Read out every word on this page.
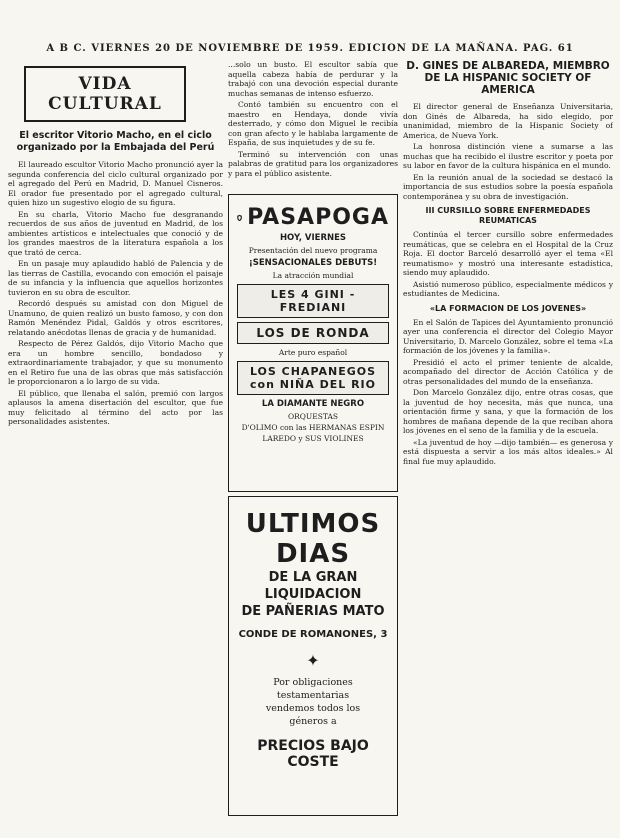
A B C. VIERNES 20 DE NOVIEMBRE DE 1959. EDICION DE LA MAÑANA. PAG. 61
VIDA CULTURAL
El escritor Vitorio Macho, en el ciclo organizado por la Embajada del Perú

El laureado escultor Vitorio Macho pronunció ayer la segunda conferencia del ciclo cultural organizado por el agregado del Perú en Madrid, D. Manuel Cisneros. El orador fue presentado por el agregado cultural, quien hizo un sugestivo elogio de su figura.

En su charla, Vitorio Macho fue desgranando recuerdos de sus años de juventud en Madrid, de los ambientes artísticos e intelectuales que conoció y de los grandes maestros de la literatura española a los que trató de cerca.

En un pasaje muy aplaudido habló de Palencia y de las tierras de Castilla, evocando con emoción el paisaje de su infancia y la influencia que aquellos horizontes tuvieron en su obra de escultor.

Recordó después su amistad con don Miguel de Unamuno, de quien realizó un busto famoso, y con don Ramón Menéndez Pidal, Galdós y otros escritores, relatando anécdotas llenas de gracia y de humanidad.

Respecto de Pérez Galdós, dijo Vitorio Macho que era un hombre sencillo, bondadoso y extraordinariamente trabajador, y que su monumento en el Retiro fue una de las obras que más satisfacción le proporcionaron a lo largo de su vida.

El público, que llenaba el salón, premió con largos aplausos la amena disertación del escultor, que fue muy felicitado al término del acto por las personalidades asistentes.

...solo un busto. El escultor sabía que aquella cabeza había de perdurar y la trabajó con una devoción especial durante muchas semanas de intenso esfuerzo.

Contó también su encuentro con el maestro en Hendaya, donde vivía desterrado, y cómo don Miguel le recibía con gran afecto y le hablaba largamente de España, de sus inquietudes y de su fe.

Terminó su intervención con unas palabras de gratitud para los organizadores y para el público asistente.

PASAPOGA
HOY, VIERNES
Presentación del nuevo programa
¡SENSACIONALES DEBUTS!
La atracción mundial
LES 4 GINI - FREDIANI
LOS DE RONDA
Arte puro español
LOS CHAPANEGOS
con NIÑA DEL RIO
LA DIAMANTE NEGRO
ORQUESTAS
D'OLIMO con las HERMANAS ESPIN
LAREDO y SUS VIOLINES
ULTIMOS DIAS
DE LA GRAN LIQUIDACION
DE PAÑERIAS MATO
CONDE DE ROMANONES, 3
✦
Por obligaciones
testamentarias
vendemos todos los
géneros a
PRECIOS BAJO COSTE
D. GINES DE ALBAREDA, MIEMBRO DE LA HISPANIC SOCIETY OF AMERICA

El director general de Enseñanza Universitaria, don Ginés de Albareda, ha sido elegido, por unanimidad, miembro de la Hispanic Society of America, de Nueva York.

La honrosa distinción viene a sumarse a las muchas que ha recibido el ilustre escritor y poeta por su labor en favor de la cultura hispánica en el mundo.

En la reunión anual de la sociedad se destacó la importancia de sus estudios sobre la poesía española contemporánea y su obra de investigación.

III CURSILLO SOBRE ENFERMEDADES REUMATICAS

Continúa el tercer cursillo sobre enfermedades reumáticas, que se celebra en el Hospital de la Cruz Roja. El doctor Barceló desarrolló ayer el tema «El reumatismo» y mostró una interesante estadística, siendo muy aplaudido.

Asistió numeroso público, especialmente médicos y estudiantes de Medicina.

«LA FORMACION DE LOS JOVENES»

En el Salón de Tapices del Ayuntamiento pronunció ayer una conferencia el director del Colegio Mayor Universitario, D. Marcelo González, sobre el tema «La formación de los jóvenes y la familia».

Presidió el acto el primer teniente de alcalde, acompañado del director de Acción Católica y de otras personalidades del mundo de la enseñanza.

Don Marcelo González dijo, entre otras cosas, que la juventud de hoy necesita, más que nunca, una orientación firme y sana, y que la formación de los hombres de mañana depende de la que reciban ahora los jóvenes en el seno de la familia y de la escuela.

«La juventud de hoy —dijo también— es generosa y está dispuesta a servir a los más altos ideales.» Al final fue muy aplaudido.
